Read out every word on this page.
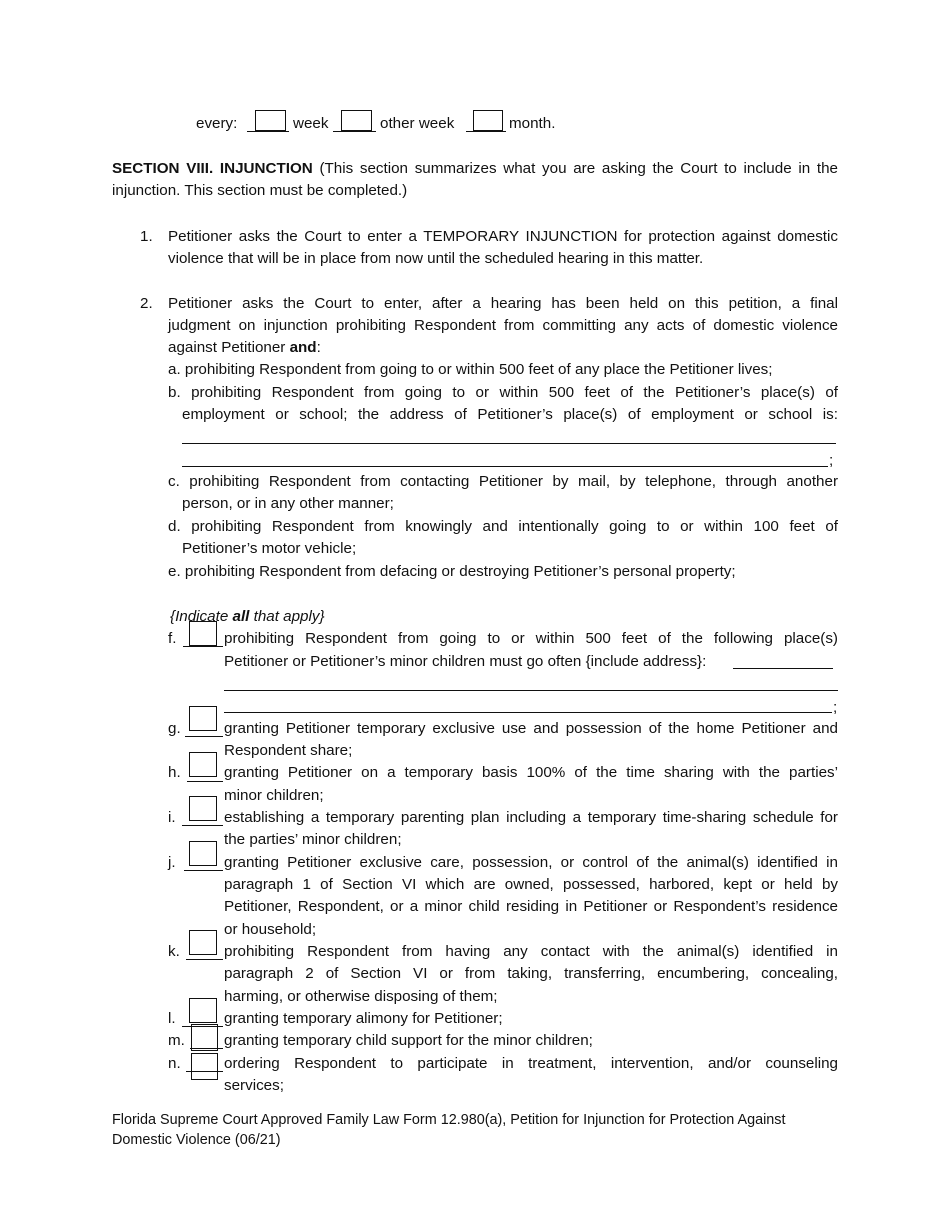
every:	week	other week	month.
SECTION VIII. INJUNCTION (This section summarizes what you are asking the Court to include in the
injunction. This section must be completed.)
1. Petitioner asks the Court to enter a TEMPORARY INJUNCTION for protection against domestic
violence that will be in place from now until the scheduled hearing in this matter.
2. Petitioner asks the Court to enter, after a hearing has been held on this petition, a final
judgment on injunction prohibiting Respondent from committing any acts of domestic violence
against Petitioner and:
a. prohibiting Respondent from going to or within 500 feet of any place the Petitioner lives;
b. prohibiting Respondent from going to or within 500 feet of the Petitioner’s place(s) of
employment or school; the address of Petitioner’s place(s) of employment or school is:
;
c. prohibiting Respondent from contacting Petitioner by mail, by telephone, through another
person, or in any other manner;
d. prohibiting Respondent from knowingly and intentionally going to or within 100 feet of
Petitioner’s motor vehicle;
e. prohibiting Respondent from defacing or destroying Petitioner’s personal property;
{Indicate all that apply}
f.	prohibiting Respondent from going to or within 500 feet of the following place(s)
Petitioner or Petitioner’s minor children must go often {include address}:
;
g.	granting Petitioner temporary exclusive use and possession of the home Petitioner and
Respondent share;
h.	granting Petitioner on a temporary basis 100% of the time sharing with the parties’
minor children;
i.	establishing a temporary parenting plan including a temporary time-sharing schedule for
the parties’ minor children;
j.	granting Petitioner exclusive care, possession, or control of the animal(s) identified in
paragraph 1 of Section VI which are owned, possessed, harbored, kept or held by
Petitioner, Respondent, or a minor child residing in Petitioner or Respondent’s residence
or household;
k.	prohibiting Respondent from having any contact with the animal(s) identified in
paragraph 2 of Section VI or from taking, transferring, encumbering, concealing,
harming, or otherwise disposing of them;
l.	granting temporary alimony for Petitioner;
m.	granting temporary child support for the minor children;
n.	ordering Respondent to participate in treatment, intervention, and/or counseling
services;
Florida Supreme Court Approved Family Law Form 12.980(a), Petition for Injunction for Protection Against
Domestic Violence (06/21)
